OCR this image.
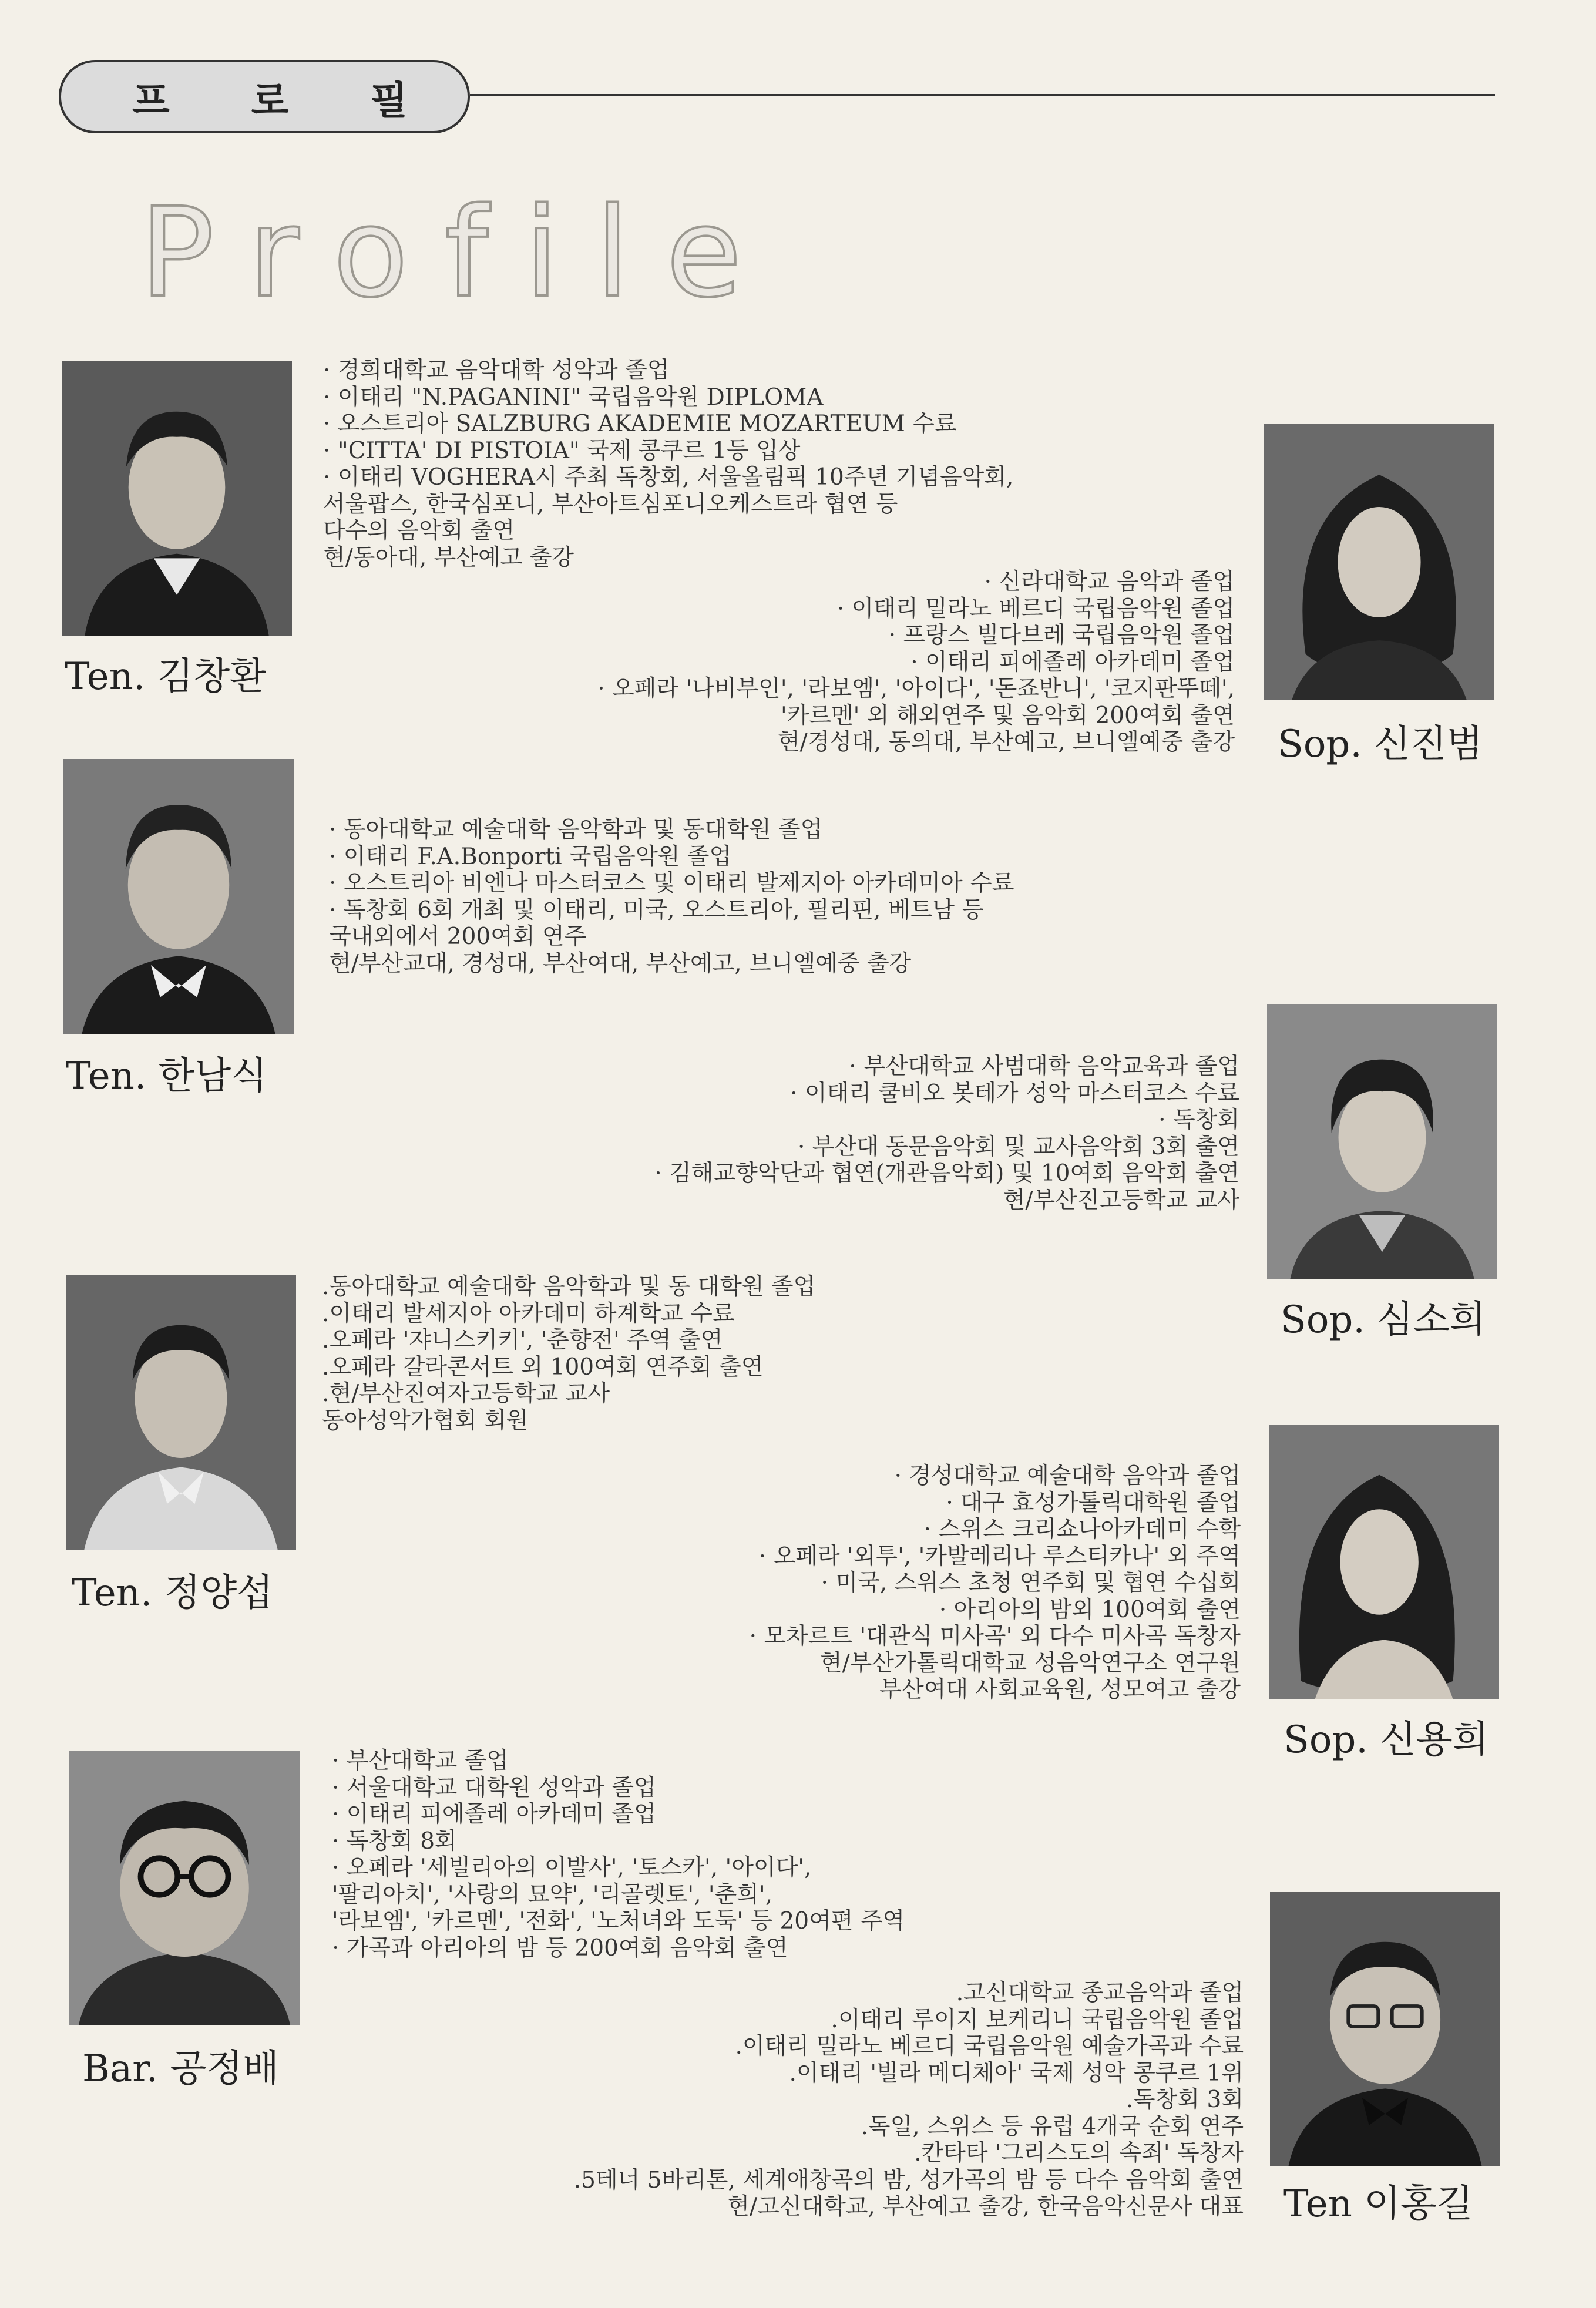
프 로 필
Profile
Ten. 김창환
· 경희대학교 음악대학 성악과 졸업
· 이태리 "N.PAGANINI" 국립음악원 DIPLOMA
· 오스트리아 SALZBURG AKADEMIE MOZARTEUM 수료
· "CITTA' DI PISTOIA" 국제 콩쿠르 1등 입상
· 이태리 VOGHERA시 주최 독창회, 서울올림픽 10주년 기념음악회,
서울팝스, 한국심포니, 부산아트심포니오케스트라 협연 등
다수의 음악회 출연
현/동아대, 부산예고 출강
Sop. 신진범
· 신라대학교 음악과 졸업
· 이태리 밀라노 베르디 국립음악원 졸업
· 프랑스 빌다브레 국립음악원 졸업
· 이태리 피에졸레 아카데미 졸업
· 오페라 '나비부인', '라보엠', '아이다', '돈죠반니', '코지판뚜떼',
'카르멘' 외 해외연주 및 음악회 200여회 출연
현/경성대, 동의대, 부산예고, 브니엘예중 출강
Ten. 한남식
· 동아대학교 예술대학 음악학과 및 동대학원 졸업
· 이태리 F.A.Bonporti 국립음악원 졸업
· 오스트리아 비엔나 마스터코스 및 이태리 발제지아 아카데미아 수료
· 독창회 6회 개최 및 이태리, 미국, 오스트리아, 필리핀, 베트남 등
국내외에서 200여회 연주
현/부산교대, 경성대, 부산여대, 부산예고, 브니엘예중 출강
Sop. 심소희
· 부산대학교 사범대학 음악교육과 졸업
· 이태리 쿨비오 봇테가 성악 마스터코스 수료
· 독창회
· 부산대 동문음악회 및 교사음악회 3회 출연
· 김해교향악단과 협연(개관음악회) 및 10여회 음악회 출연
현/부산진고등학교 교사
Ten. 정양섭
.동아대학교 예술대학 음악학과 및 동 대학원 졸업
.이태리 발세지아 아카데미 하계학교 수료
.오페라 '쟈니스키키', '춘향전' 주역 출연
.오페라 갈라콘서트 외 100여회 연주회 출연
.현/부산진여자고등학교 교사
동아성악가협회 회원
Sop. 신용희
· 경성대학교 예술대학 음악과 졸업
· 대구 효성가톨릭대학원 졸업
· 스위스 크리쇼나아카데미 수학
· 오페라 '외투', '카발레리나 루스티카나' 외 주역
· 미국, 스위스 초청 연주회 및 협연 수십회
· 아리아의 밤외 100여회 출연
· 모차르트 '대관식 미사곡' 외 다수 미사곡 독창자
현/부산가톨릭대학교 성음악연구소 연구원
부산여대 사회교육원, 성모여고 출강
Bar. 공정배
· 부산대학교 졸업
· 서울대학교 대학원 성악과 졸업
· 이태리 피에졸레 아카데미 졸업
· 독창회 8회
· 오페라 '세빌리아의 이발사', '토스카', '아이다',
'팔리아치', '사랑의 묘약', '리골렛토', '춘희',
'라보엠', '카르멘', '전화', '노처녀와 도둑' 등 20여편 주역
· 가곡과 아리아의 밤 등 200여회 음악회 출연
Ten 이홍길
.고신대학교 종교음악과 졸업
.이태리 루이지 보케리니 국립음악원 졸업
.이태리 밀라노 베르디 국립음악원 예술가곡과 수료
.이태리 '빌라 메디체아' 국제 성악 콩쿠르 1위
.독창회 3회
.독일, 스위스 등 유럽 4개국 순회 연주
.칸타타 '그리스도의 속죄' 독창자
.5테너 5바리톤, 세계애창곡의 밤, 성가곡의 밤 등 다수 음악회 출연
현/고신대학교, 부산예고 출강, 한국음악신문사 대표
